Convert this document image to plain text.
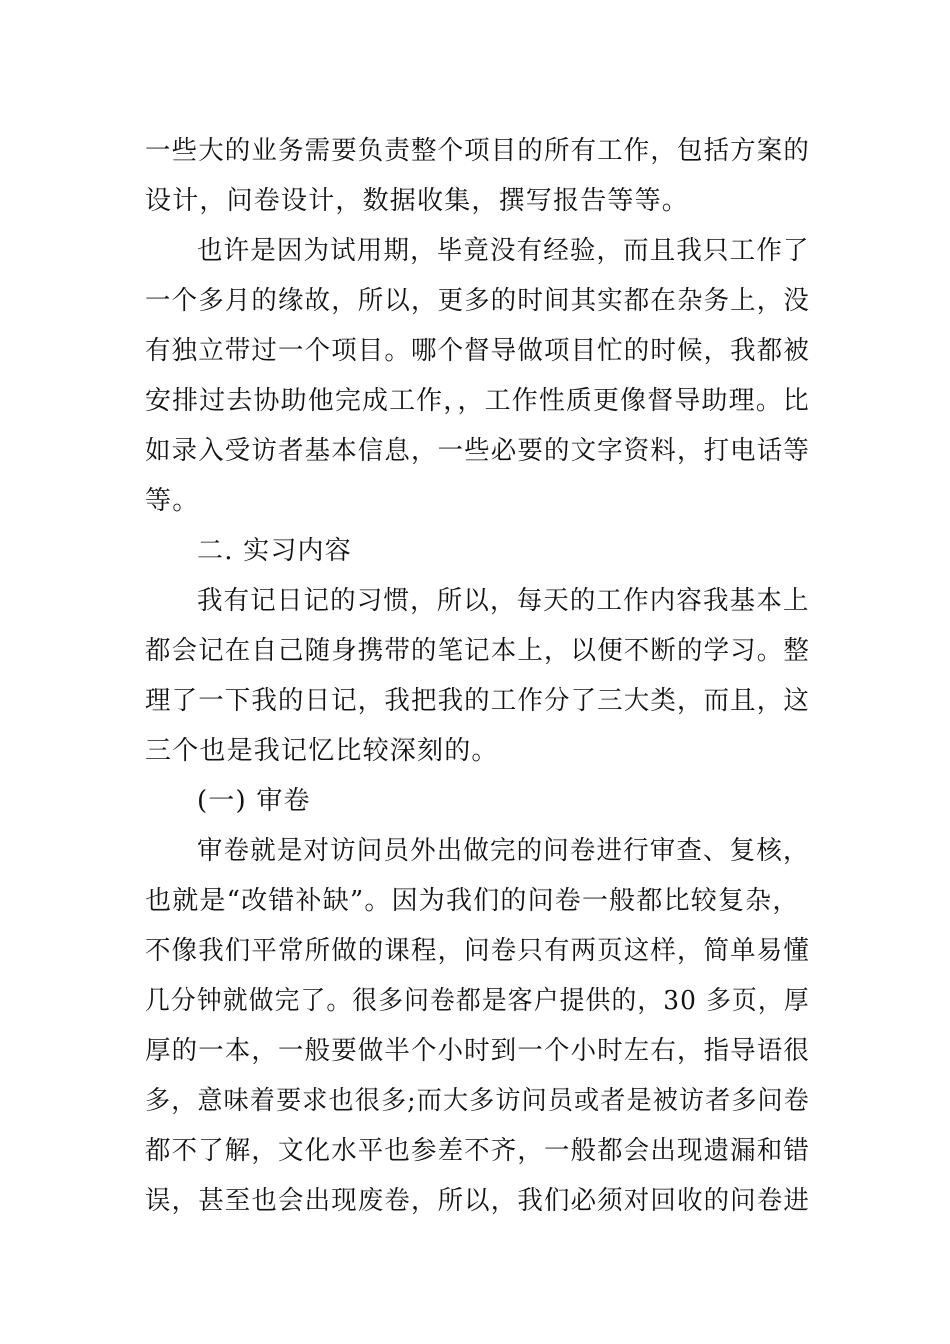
一些大的业务需要负责整个项目的所有工作，包括方案的
设计，问卷设计，数据收集，撰写报告等等。
也许是因为试用期，毕竟没有经验，而且我只工作了
一个多月的缘故，所以，更多的时间其实都在杂务上，没
有独立带过一个项目。哪个督导做项目忙的时候，我都被
安排过去协助他完成工作，，工作性质更像督导助理。比
如录入受访者基本信息，一些必要的文字资料，打电话等
等。
二. 实习内容
我有记日记的习惯，所以，每天的工作内容我基本上
都会记在自己随身携带的笔记本上，以便不断的学习。整
理了一下我的日记，我把我的工作分了三大类，而且，这
三个也是我记忆比较深刻的。
(一) 审卷
审卷就是对访问员外出做完的问卷进行审查、复核，
也就是“改错补缺”。因为我们的问卷一般都比较复杂，
不像我们平常所做的课程，问卷只有两页这样，简单易懂
几分钟就做完了。很多问卷都是客户提供的，30 多页，厚
厚的一本，一般要做半个小时到一个小时左右，指导语很
多，意味着要求也很多;而大多访问员或者是被访者多问卷
都不了解，文化水平也参差不齐，一般都会出现遗漏和错
误，甚至也会出现废卷，所以，我们必须对回收的问卷进
